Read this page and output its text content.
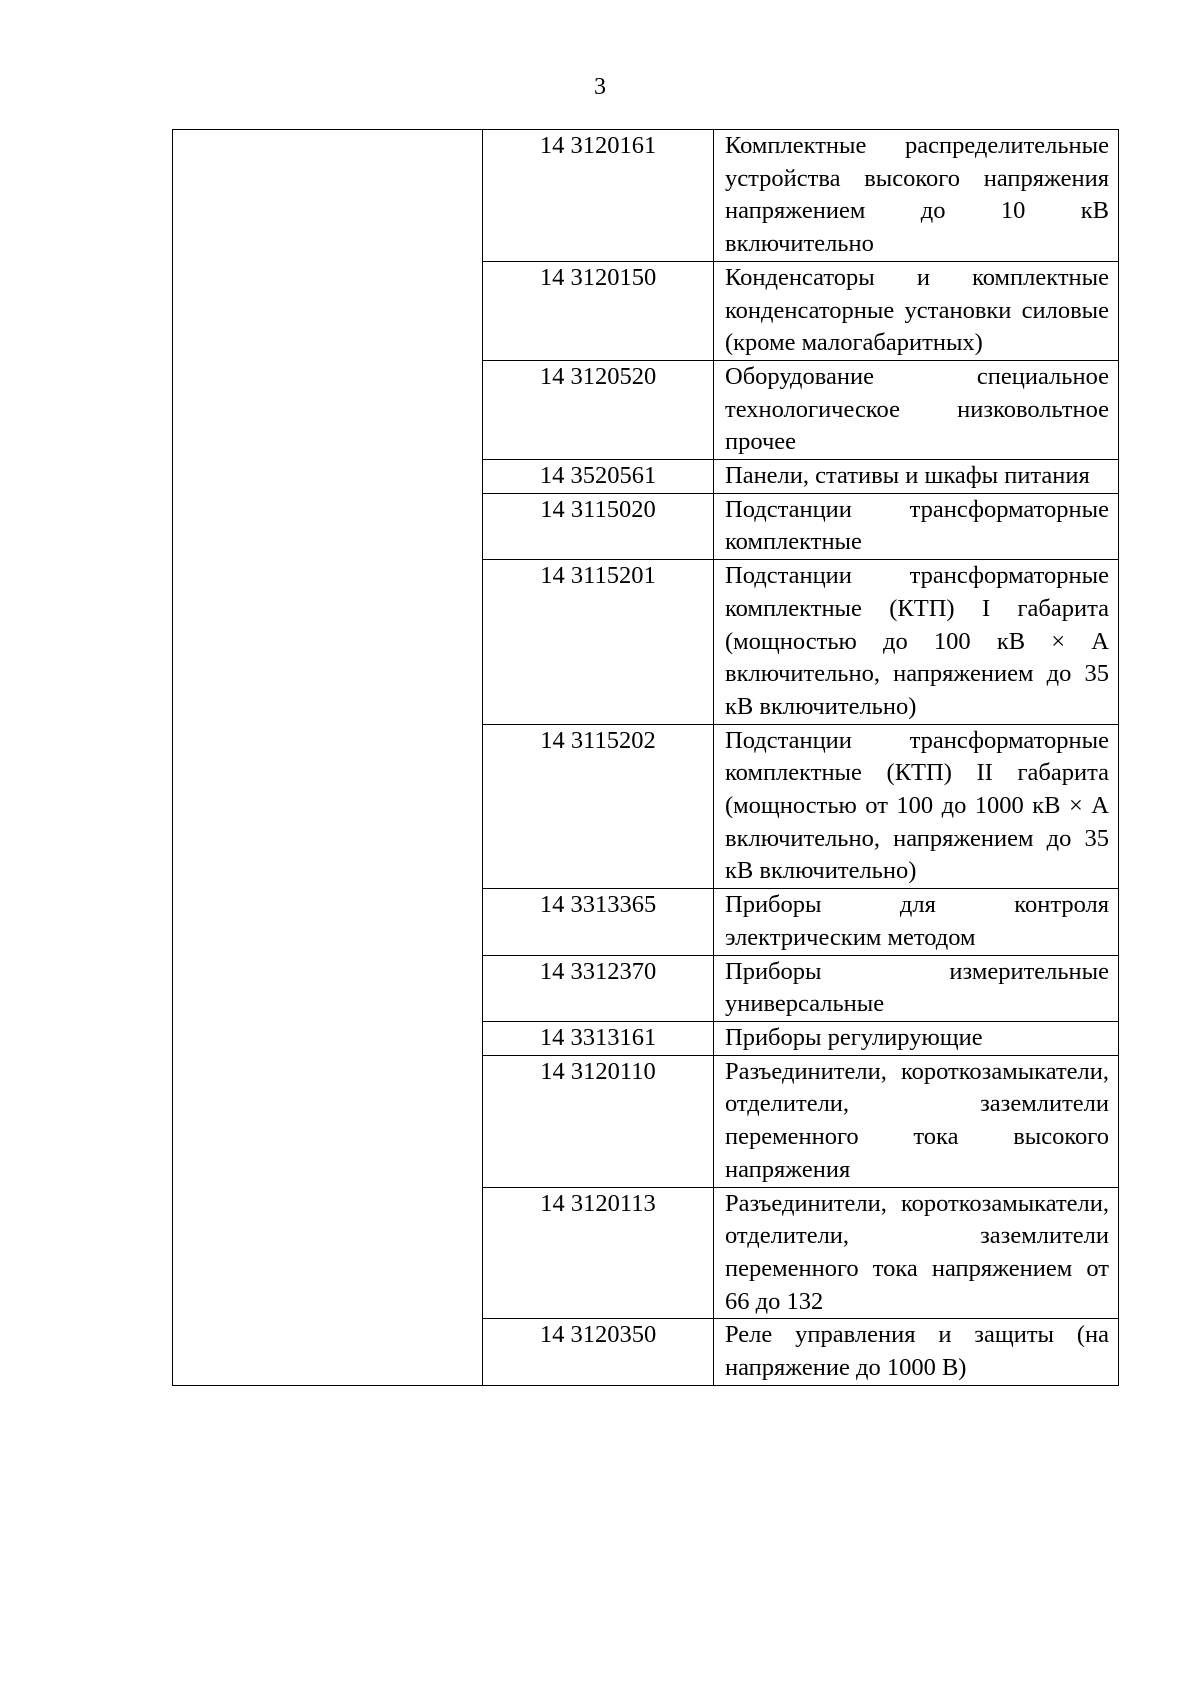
3
	14 3120161	Комплектные распределительные устройства высокого напряжения напряжением до 10 кВ включительно
	14 3120150	Конденсаторы и комплектные конденсаторные установки силовые (кроме малогабаритных)
	14 3120520	Оборудование специальное технологическое низковольтное прочее
	14 3520561	Панели, стативы и шкафы питания
	14 3115020	Подстанции трансформаторные комплектные
	14 3115201	Подстанции трансформаторные комплектные (КТП) I габарита (мощностью до 100 кВ × А включительно, напряжением до 35 кВ включительно)
	14 3115202	Подстанции трансформаторные комплектные (КТП) II габарита (мощностью от 100 до 1000 кВ × А включительно, напряжением до 35 кВ включительно)
	14 3313365	Приборы для контроля электрическим методом
	14 3312370	Приборы измерительные универсальные
	14 3313161	Приборы регулирующие
	14 3120110	Разъединители, короткозамыкатели, отделители, заземлители переменного тока высокого напряжения
	14 3120113	Разъединители, короткозамыкатели, отделители, заземлители переменного тока напряжением от 66 до 132
	14 3120350	Реле управления и защиты (на напряжение до 1000 В)
